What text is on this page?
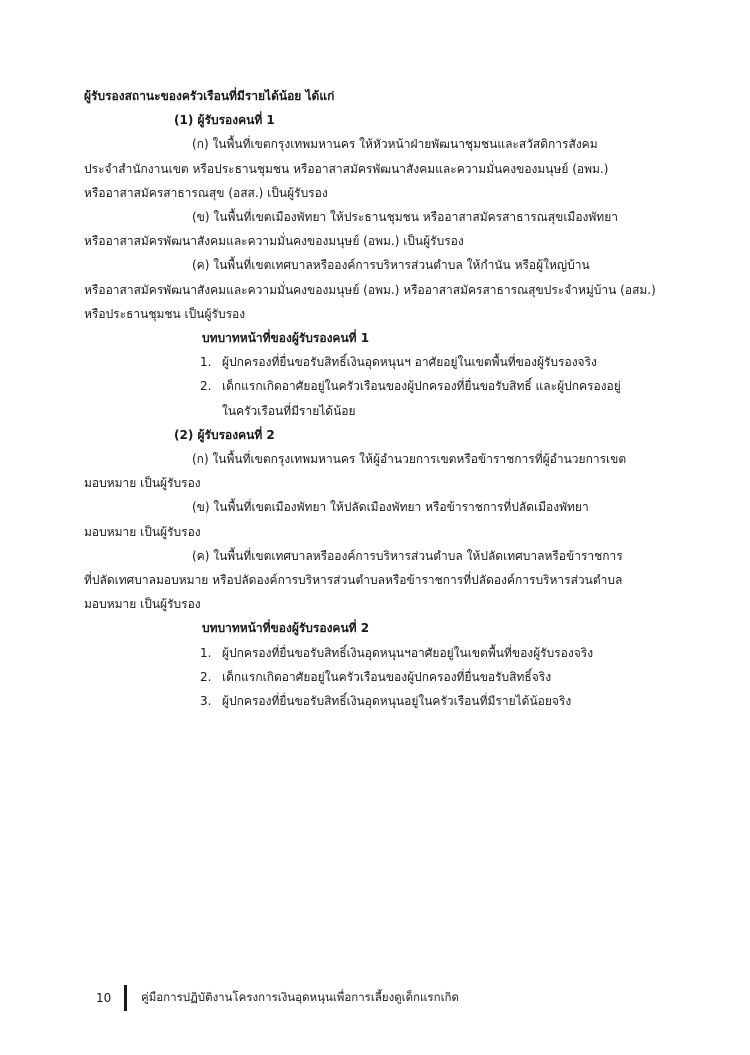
ผู้รับรองสถานะของครัวเรือนที่มีรายได้น้อย ได้แก่

(1) ผู้รับรองคนที่ 1

(ก) ในพื้นที่เขตกรุงเทพมหานคร ให้หัวหน้าฝ่ายพัฒนาชุมชนและสวัสดิการสังคม
ประจำสำนักงานเขต หรือประธานชุมชน หรืออาสาสมัครพัฒนาสังคมและความมั่นคงของมนุษย์ (อพม.)
หรืออาสาสมัครสาธารณสุข (อสส.) เป็นผู้รับรอง

(ข) ในพื้นที่เขตเมืองพัทยา ให้ประธานชุมชน หรืออาสาสมัครสาธารณสุขเมืองพัทยา
หรืออาสาสมัครพัฒนาสังคมและความมั่นคงของมนุษย์ (อพม.) เป็นผู้รับรอง

(ค) ในพื้นที่เขตเทศบาลหรือองค์การบริหารส่วนตำบล ให้กำนัน หรือผู้ใหญ่บ้าน
หรืออาสาสมัครพัฒนาสังคมและความมั่นคงของมนุษย์ (อพม.) หรืออาสาสมัครสาธารณสุขประจำหมู่บ้าน (อสม.)
หรือประธานชุมชน เป็นผู้รับรอง

บทบาทหน้าที่ของผู้รับรองคนที่ 1

1. ผู้ปกครองที่ยื่นขอรับสิทธิ์เงินอุดหนุนฯ อาศัยอยู่ในเขตพื้นที่ของผู้รับรองจริง
2. เด็กแรกเกิดอาศัยอยู่ในครัวเรือนของผู้ปกครองที่ยื่นขอรับสิทธิ์ และผู้ปกครองอยู่
ในครัวเรือนที่มีรายได้น้อย

(2) ผู้รับรองคนที่ 2

(ก) ในพื้นที่เขตกรุงเทพมหานคร ให้ผู้อำนวยการเขตหรือข้าราชการที่ผู้อำนวยการเขต
มอบหมาย เป็นผู้รับรอง

(ข) ในพื้นที่เขตเมืองพัทยา ให้ปลัดเมืองพัทยา หรือข้าราชการที่ปลัดเมืองพัทยา
มอบหมาย เป็นผู้รับรอง

(ค) ในพื้นที่เขตเทศบาลหรือองค์การบริหารส่วนตำบล ให้ปลัดเทศบาลหรือข้าราชการ
ที่ปลัดเทศบาลมอบหมาย หรือปลัดองค์การบริหารส่วนตำบลหรือข้าราชการที่ปลัดองค์การบริหารส่วนตำบล
มอบหมาย เป็นผู้รับรอง

บทบาทหน้าที่ของผู้รับรองคนที่ 2

1. ผู้ปกครองที่ยื่นขอรับสิทธิ์เงินอุดหนุนฯอาศัยอยู่ในเขตพื้นที่ของผู้รับรองจริง
2. เด็กแรกเกิดอาศัยอยู่ในครัวเรือนของผู้ปกครองที่ยื่นขอรับสิทธิ์จริง
3. ผู้ปกครองที่ยื่นขอรับสิทธิ์เงินอุดหนุนอยู่ในครัวเรือนที่มีรายได้น้อยจริง
10	คู่มือการปฏิบัติงานโครงการเงินอุดหนุนเพื่อการเลี้ยงดูเด็กแรกเกิด
